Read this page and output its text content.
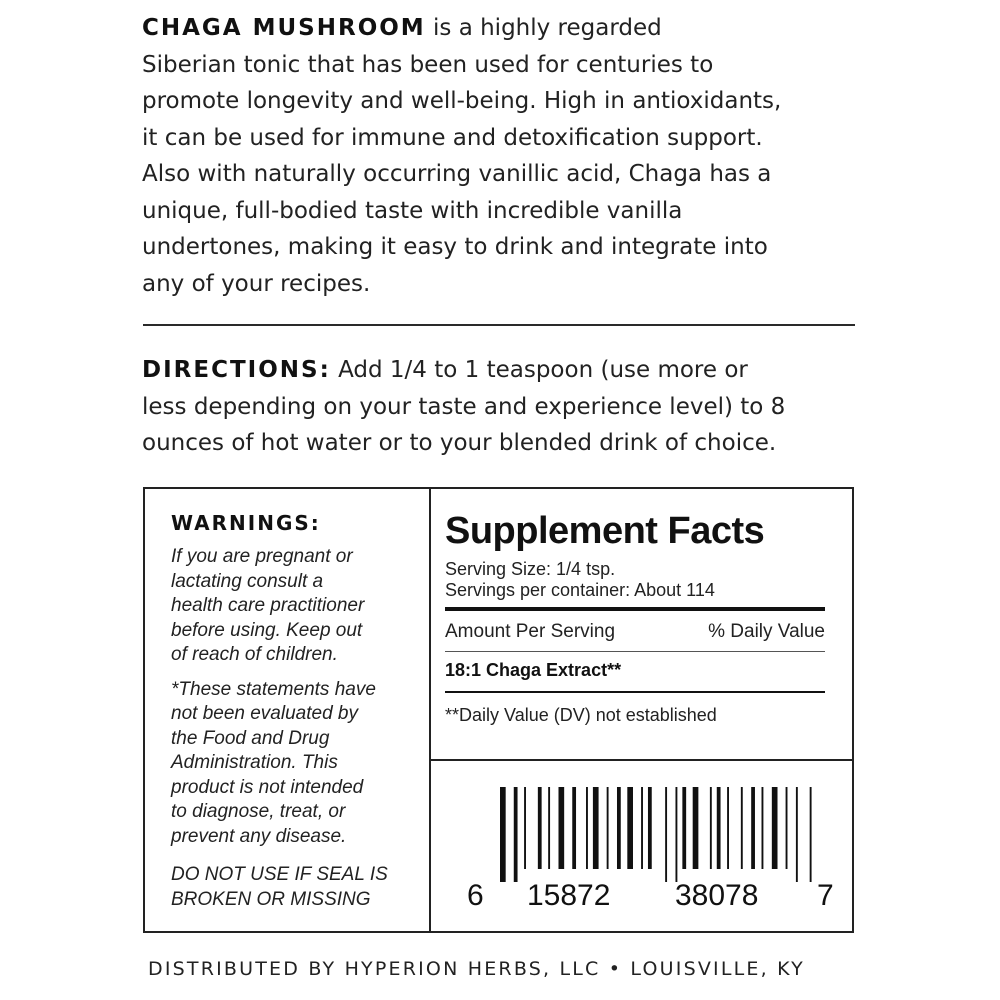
CHAGA MUSHROOM is a highly regarded
Siberian tonic that has been used for centuries to
promote longevity and well-being. High in antioxidants,
it can be used for immune and detoxification support.
Also with naturally occurring vanillic acid, Chaga has a
unique, full-bodied taste with incredible vanilla
undertones, making it easy to drink and integrate into
any of your recipes.
DIRECTIONS: Add 1/4 to 1 teaspoon (use more or
less depending on your taste and experience level) to 8
ounces of hot water or to your blended drink of choice.
WARNINGS:

If you are pregnant or
lactating consult a
health care practitioner
before using. Keep out
of reach of children.

*These statements have
not been evaluated by
the Food and Drug
Administration. This
product is not intended
to diagnose, treat, or
prevent any disease.

DO NOT USE IF SEAL IS
BROKEN OR MISSING

Supplement Facts
Serving Size: 1/4 tsp.
Servings per container: About 114
Amount Per Serving	% Daily Value
18:1 Chaga Extract**
**Daily Value (DV) not established
6 15872 38078 7
DISTRIBUTED BY HYPERION HERBS, LLC • LOUISVILLE, KY
